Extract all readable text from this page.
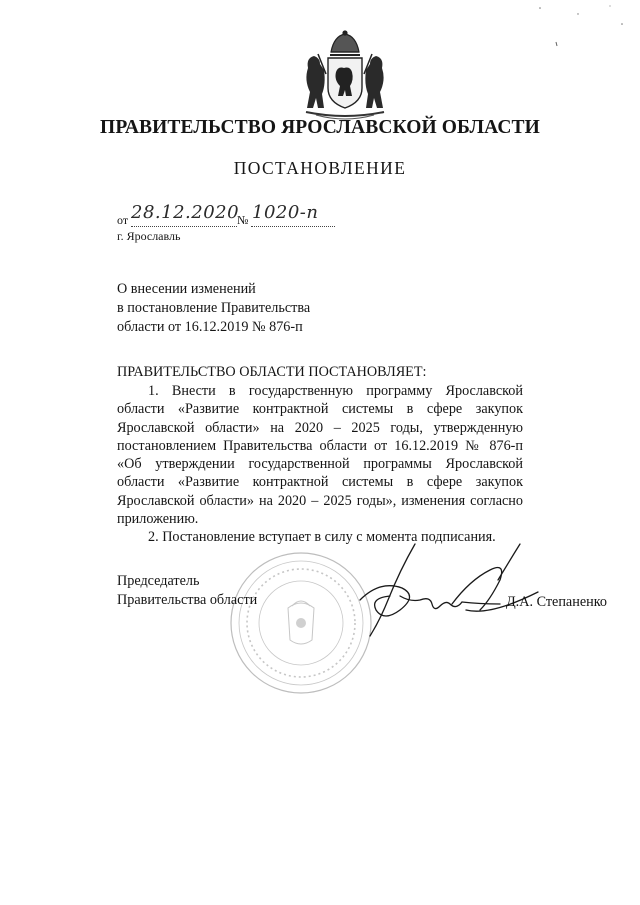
ПРАВИТЕЛЬСТВО ЯРОСЛАВСКОЙ ОБЛАСТИ
ПОСТАНОВЛЕНИЕ
от 28.12.2020
№ 1020-п
г. Ярославль
О внесении изменений
в постановление Правительства
области от 16.12.2019 № 876-п
ПРАВИТЕЛЬСТВО ОБЛАСТИ ПОСТАНОВЛЯЕТ:

1. Внести в государственную программу Ярославской области «Развитие контрактной системы в сфере закупок Ярославской области» на 2020 – 2025 годы, утвержденную постановлением Правительства области от 16.12.2019 № 876-п «Об утверждении государственной программы Ярославской области «Развитие контрактной системы в сфере закупок Ярославской области» на 2020 – 2025 годы», изменения согласно приложению.

2. Постановление вступает в силу с момента подписания.

Председатель
Правительства области	Д.А. Степаненко
